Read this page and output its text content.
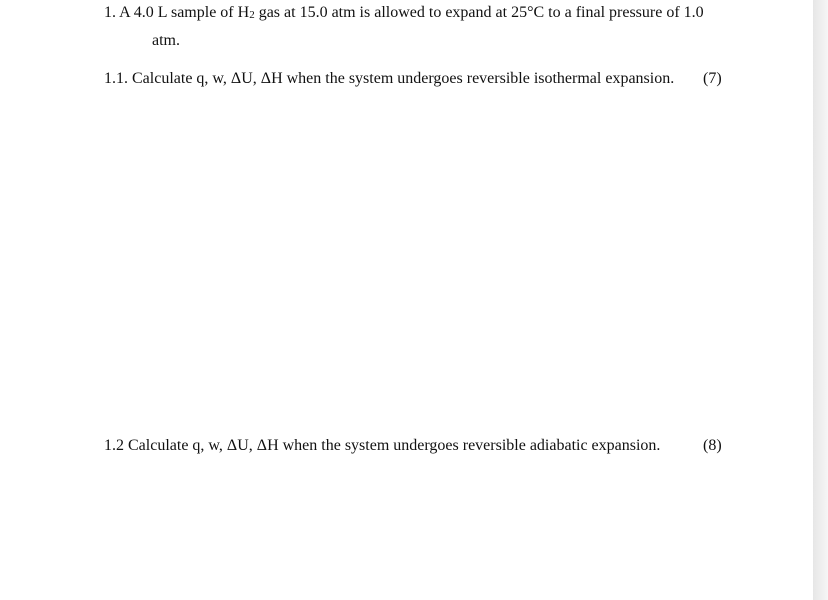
1. A 4.0 L sample of $H_2$ gas at 15.0 atm is allowed to expand at 25°C to a final pressure of 1.0
atm.
1.1. Calculate q, w, ΔU, ΔH when the system undergoes reversible isothermal expansion. (7)
1.2 Calculate q, w, ΔU, ΔH when the system undergoes reversible adiabatic expansion.	(8)
